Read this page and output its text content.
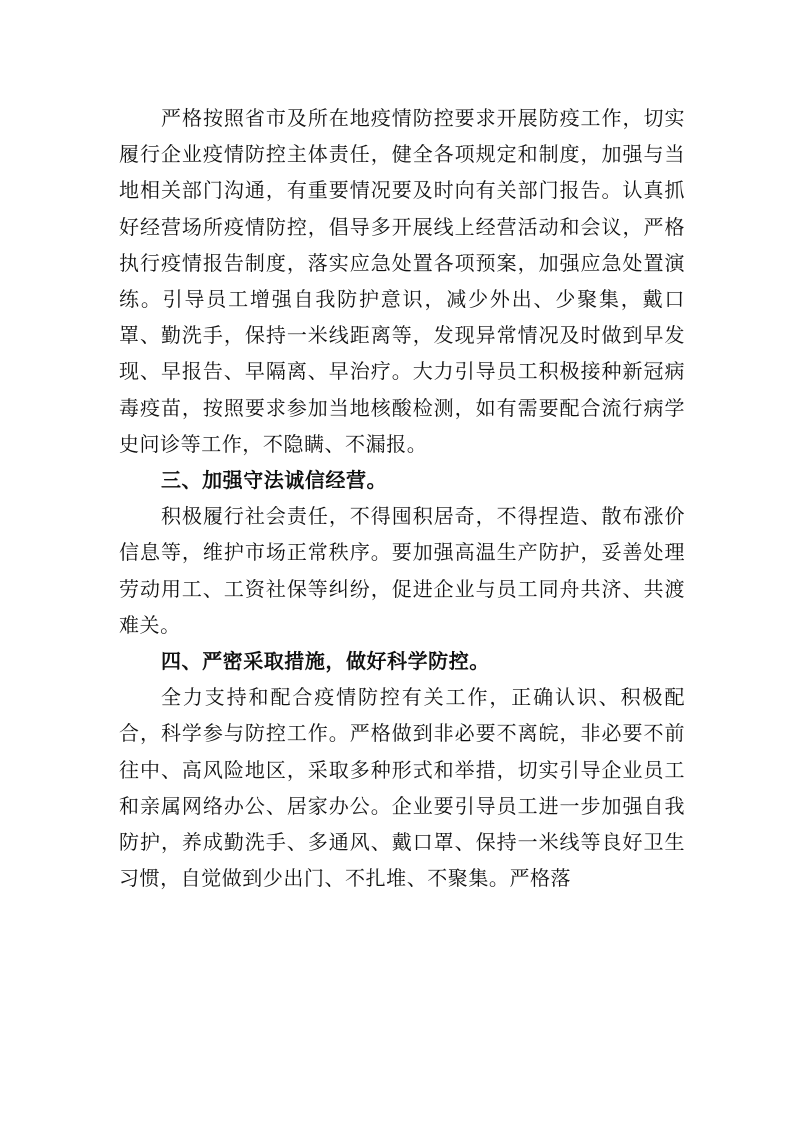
严格按照省市及所在地疫情防控要求开展防疫工作，切实履行企业疫情防控主体责任，健全各项规定和制度，加强与当地相关部门沟通，有重要情况要及时向有关部门报告。认真抓好经营场所疫情防控，倡导多开展线上经营活动和会议，严格执行疫情报告制度，落实应急处置各项预案，加强应急处置演练。引导员工增强自我防护意识，减少外出、少聚集，戴口罩、勤洗手，保持一米线距离等，发现异常情况及时做到早发现、早报告、早隔离、早治疗。大力引导员工积极接种新冠病毒疫苗，按照要求参加当地核酸检测，如有需要配合流行病学史问诊等工作，不隐瞒、不漏报。

三、加强守法诚信经营。

积极履行社会责任，不得囤积居奇，不得捏造、散布涨价信息等，维护市场正常秩序。要加强高温生产防护，妥善处理劳动用工、工资社保等纠纷，促进企业与员工同舟共济、共渡难关。

四、严密采取措施，做好科学防控。

全力支持和配合疫情防控有关工作，正确认识、积极配合，科学参与防控工作。严格做到非必要不离皖，非必要不前往中、高风险地区，采取多种形式和举措，切实引导企业员工和亲属网络办公、居家办公。企业要引导员工进一步加强自我防护，养成勤洗手、多通风、戴口罩、保持一米线等良好卫生习惯，自觉做到少出门、不扎堆、不聚集。严格落
